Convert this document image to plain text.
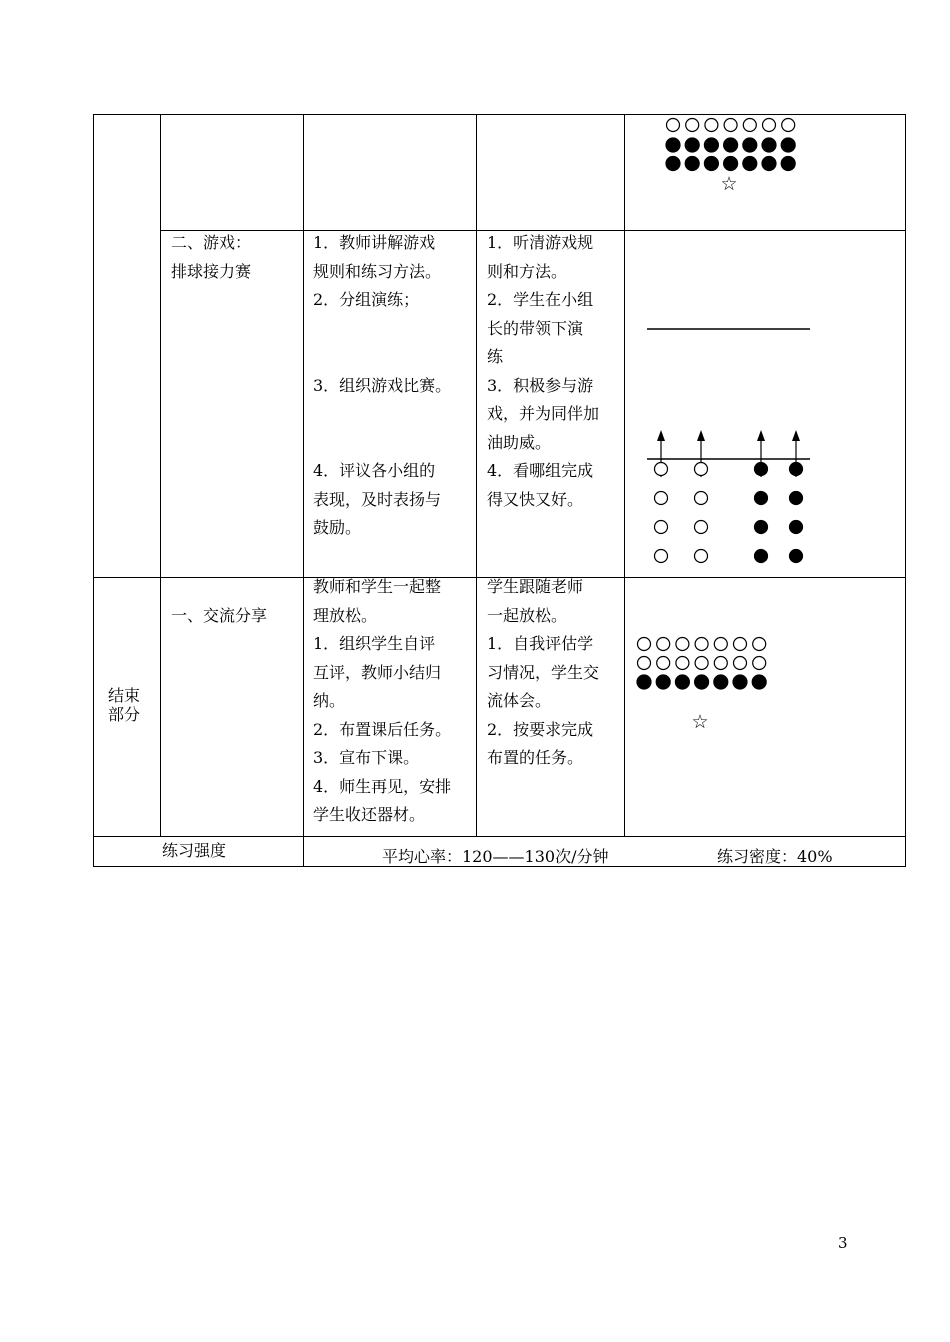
☆
二、游戏：
排球接力赛
1．教师讲解游戏
规则和练习方法。
2．分组演练；
3．组织游戏比赛。
4．评议各小组的
表现，及时表扬与
鼓励。
1．听清游戏规
则和方法。
2．学生在小组
长的带领下演
练
3．积极参与游
戏，并为同伴加
油助威。
4．看哪组完成
得又快又好。
结束
部分
一、交流分享
教师和学生一起整
理放松。
1．组织学生自评
互评，教师小结归
纳。
2．布置课后任务。
3．宣布下课。
4．师生再见，安排
学生收还器材。
学生跟随老师
一起放松。
1．自我评估学
习情况，学生交
流体会。
2．按要求完成
布置的任务。
☆
练习强度	平均心率：120——130次/分钟	练习密度：40%
3
